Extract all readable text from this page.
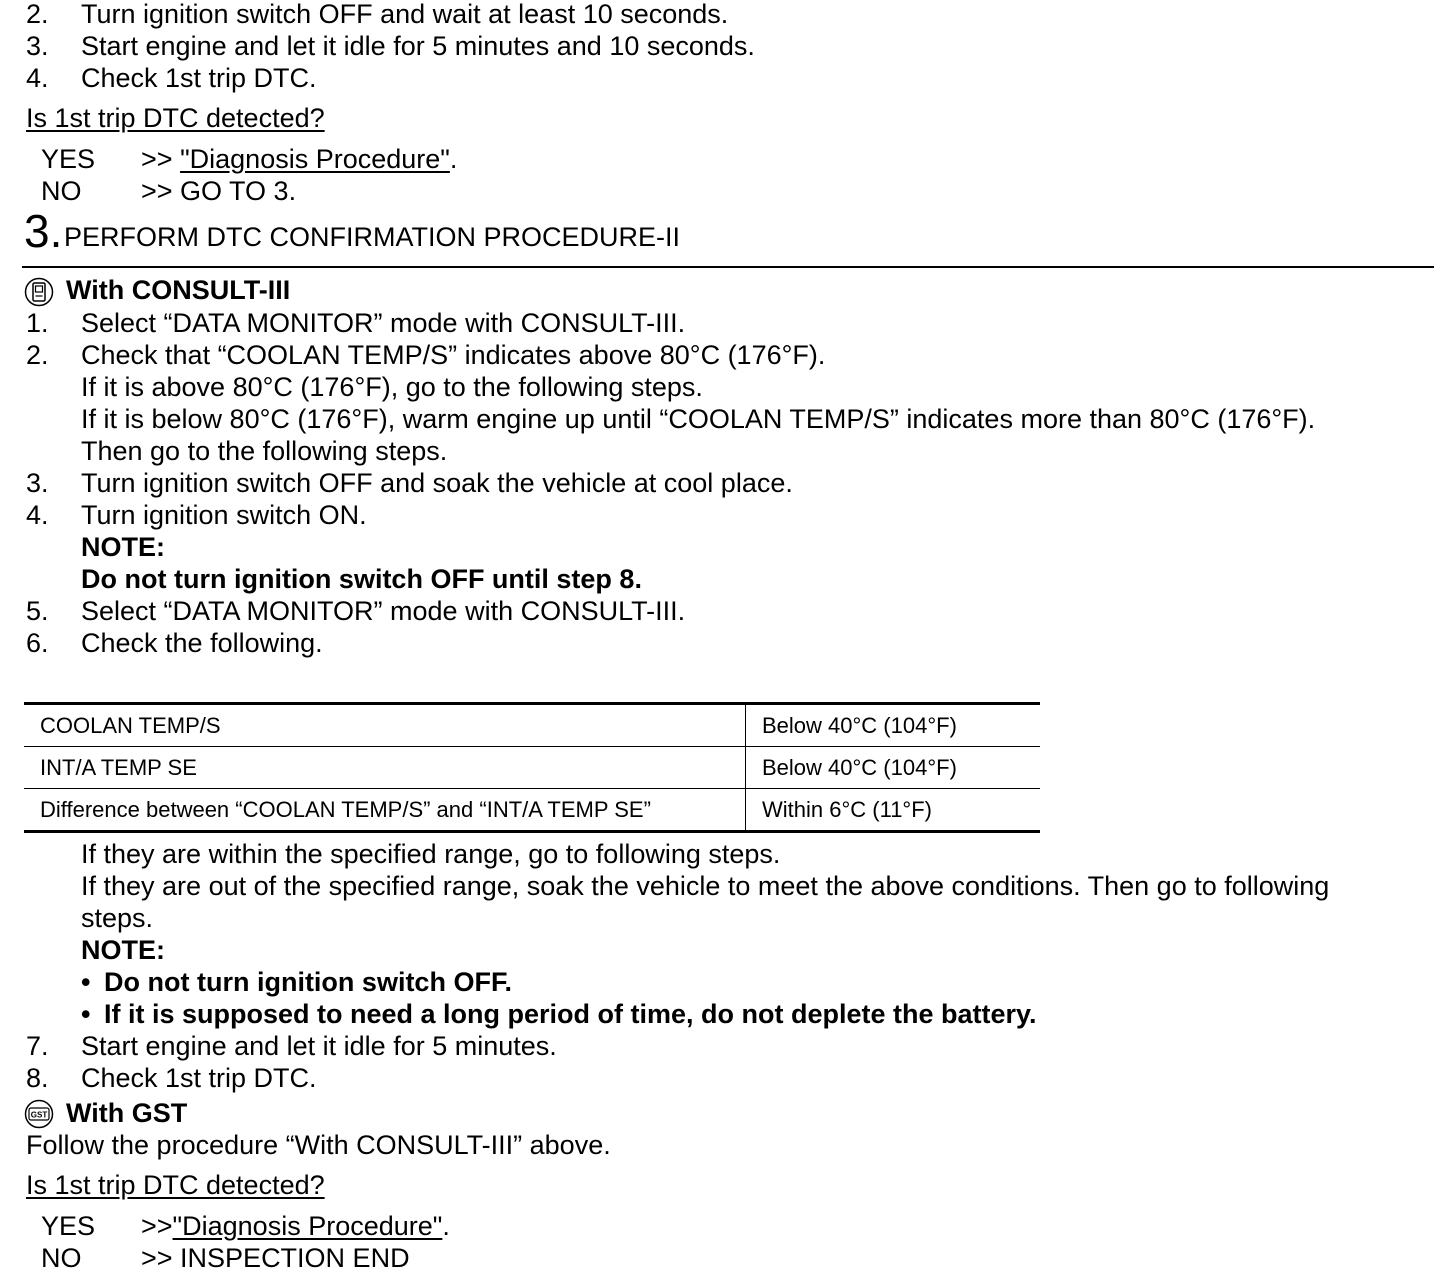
2. Turn ignition switch OFF and wait at least 10 seconds.
3. Start engine and let it idle for 5 minutes and 10 seconds.
4. Check 1st trip DTC.
Is 1st trip DTC detected?
YES >> "Diagnosis Procedure".
NO >> GO TO 3.
3. PERFORM DTC CONFIRMATION PROCEDURE-II
With CONSULT-III
1. Select “DATA MONITOR” mode with CONSULT-III.
2. Check that “COOLAN TEMP/S” indicates above 80°C (176°F).
If it is above 80°C (176°F), go to the following steps.
If it is below 80°C (176°F), warm engine up until “COOLAN TEMP/S” indicates more than 80°C (176°F).
Then go to the following steps.
3. Turn ignition switch OFF and soak the vehicle at cool place.
4. Turn ignition switch ON.
NOTE:
Do not turn ignition switch OFF until step 8.
5. Select “DATA MONITOR” mode with CONSULT-III.
6. Check the following.
COOLAN TEMP/S	Below 40°C (104°F)
INT/A TEMP SE	Below 40°C (104°F)
Difference between “COOLAN TEMP/S” and “INT/A TEMP SE”	Within 6°C (11°F)
If they are within the specified range, go to following steps.
If they are out of the specified range, soak the vehicle to meet the above conditions. Then go to following
steps.
NOTE:
• Do not turn ignition switch OFF.
• If it is supposed to need a long period of time, do not deplete the battery.
7. Start engine and let it idle for 5 minutes.
8. Check 1st trip DTC.
GST With GST
Follow the procedure “With CONSULT-III” above.
Is 1st trip DTC detected?
YES >>"Diagnosis Procedure".
NO >> INSPECTION END
